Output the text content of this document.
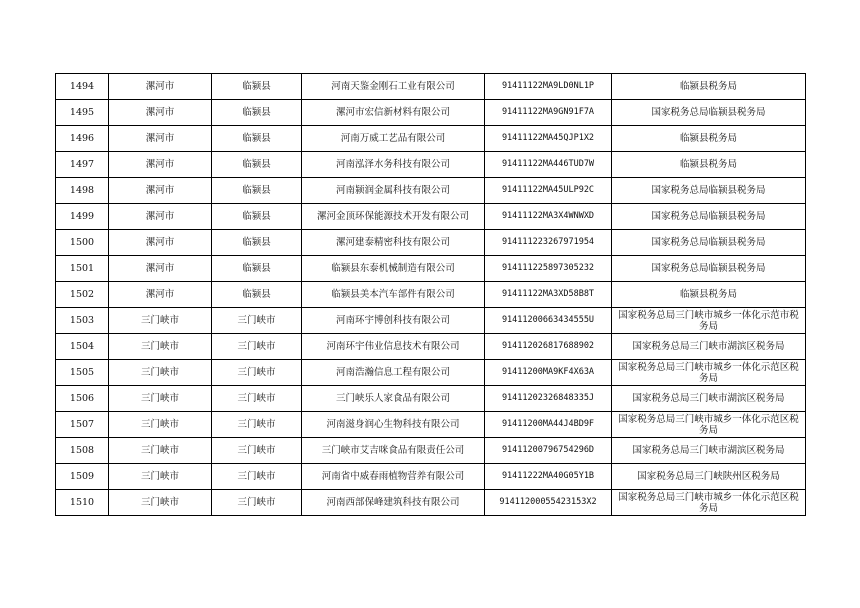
1494	漯河市	临颍县	河南天鉴金刚石工业有限公司	91411122MA9LD0NL1P	临颍县税务局
1495	漯河市	临颍县	漯河市宏信新材料有限公司	91411122MA9GN91F7A	国家税务总局临颍县税务局
1496	漯河市	临颍县	河南万威工艺品有限公司	91411122MA45QJP1X2	临颍县税务局
1497	漯河市	临颍县	河南泓泽水务科技有限公司	91411122MA446TUD7W	临颍县税务局
1498	漯河市	临颍县	河南颍润金属科技有限公司	91411122MA45ULP92C	国家税务总局临颍县税务局
1499	漯河市	临颍县	漯河金顶环保能源技术开发有限公司	91411122MA3X4WNWXD	国家税务总局临颍县税务局
1500	漯河市	临颍县	漯河建泰精密科技有限公司	91411122326797195​4	国家税务总局临颍县税务局
1501	漯河市	临颍县	临颍县东泰机械制造有限公司	914111225897305232	国家税务总局临颍县税务局
1502	漯河市	临颍县	临颍县美本汽车部件有限公司	91411122MA3XD58B8T	临颍县税务局
1503	三门峡市	三门峡市	河南环宇博创科技有限公司	91411200663434555U	国家税务总局三门峡市城乡一体化示范市税务局
1504	三门峡市	三门峡市	河南环宇伟业信息技术有限公司	914112026817688902	国家税务总局三门峡市湖滨区税务局
1505	三门峡市	三门峡市	河南浩瀚信息工程有限公司	91411200MA9KF4X63A	国家税务总局三门峡市城乡一体化示范区税务局
1506	三门峡市	三门峡市	三门峡乐人家食品有限公司	91411202326848335J	国家税务总局三门峡市湖滨区税务局
1507	三门峡市	三门峡市	河南滋身润心生物科技有限公司	91411200MA44J4BD9F	国家税务总局三门峡市城乡一体化示范区税务局
1508	三门峡市	三门峡市	三门峡市艾吉咪食品有限责任公司	91411200796754296D	国家税务总局三门峡市湖滨区税务局
1509	三门峡市	三门峡市	河南省中威春雨植物营养有限公司	91411222MA40G05Y1B	国家税务总局三门峡陕州区税务局
1510	三门峡市	三门峡市	河南西部保峰建筑科技有限公司	91411200055423153X2	国家税务总局三门峡市城乡一体化示范区税务局
